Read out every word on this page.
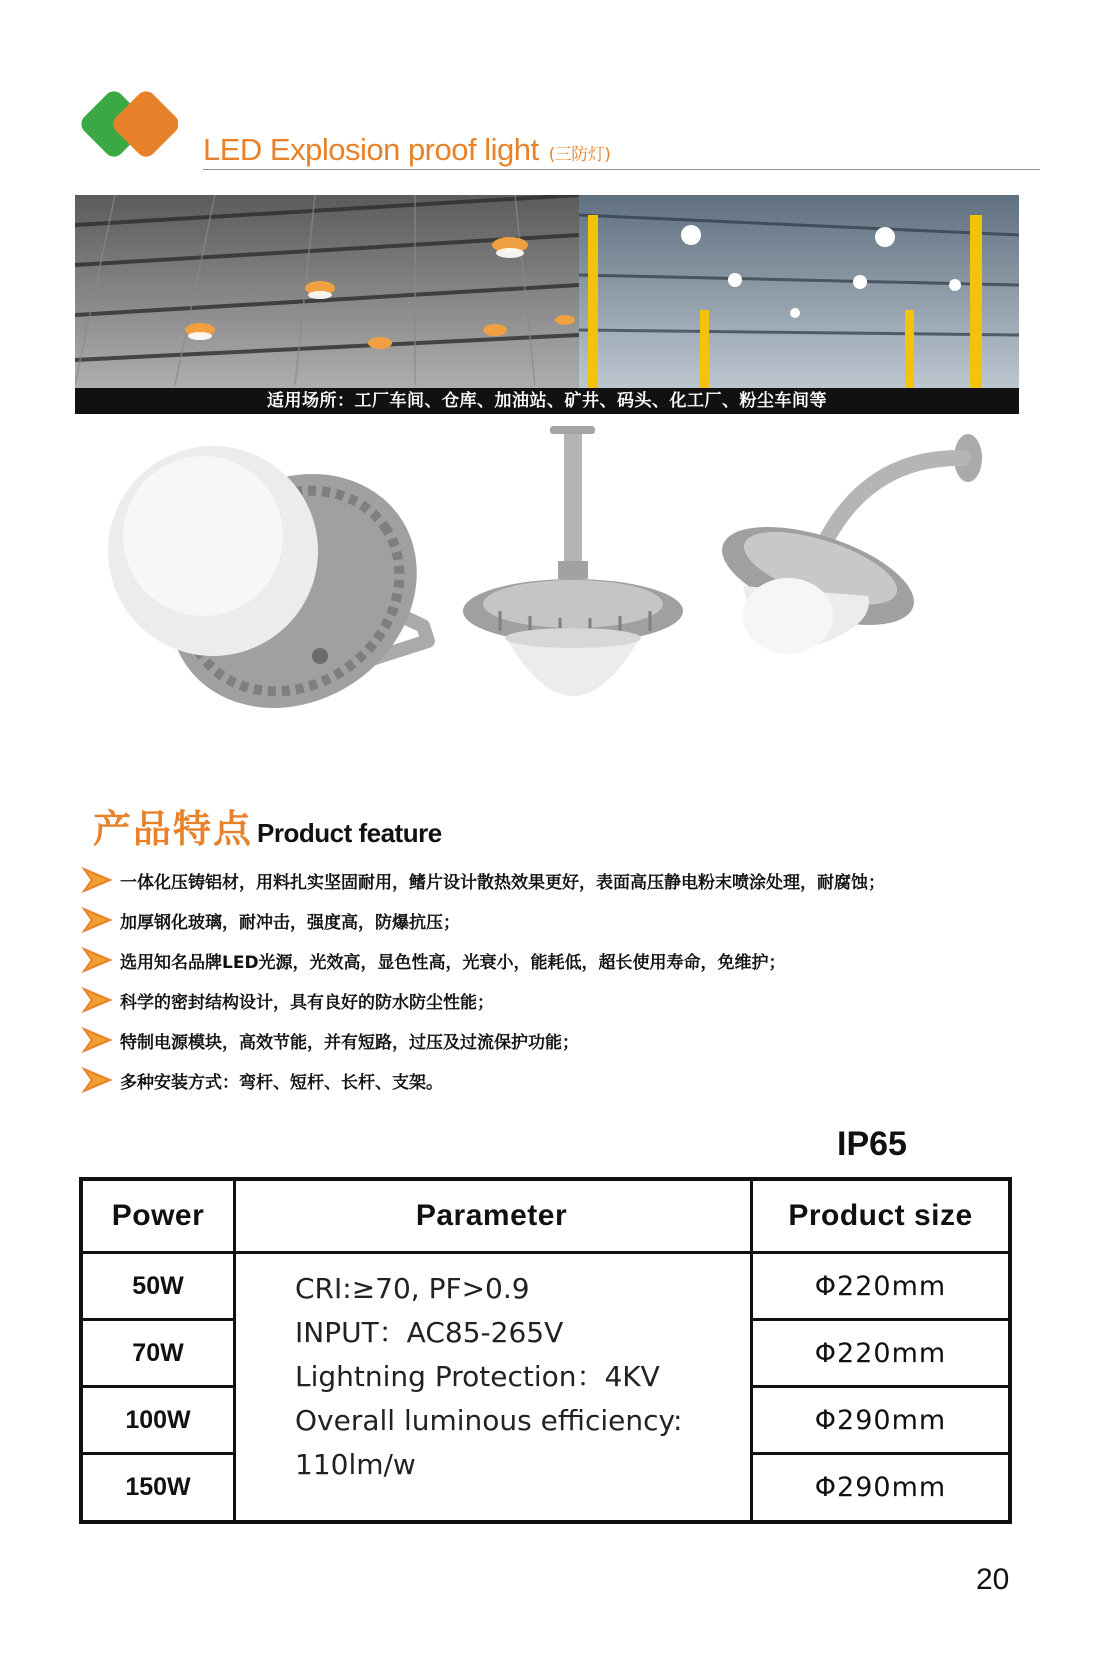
LED Explosion proof light (三防灯)
适用场所：工厂车间、仓库、加油站、矿井、码头、化工厂、粉尘车间等
产品特点 Product feature
一体化压铸铝材，用料扎实坚固耐用，鳍片设计散热效果更好，表面高压静电粉末喷涂处理，耐腐蚀；
加厚钢化玻璃，耐冲击，强度高，防爆抗压；
选用知名品牌LED光源，光效高，显色性高，光衰小，能耗低，超长使用寿命，免维护；
科学的密封结构设计，具有良好的防水防尘性能；
特制电源模块，高效节能，并有短路，过压及过流保护功能；
多种安装方式：弯杆、短杆、长杆、支架。
IP65
Power
50W
70W
100W
150W
Parameter
CRI:≥70, PF>0.9
INPUT：AC85-265V
Lightning Protection：4KV
Overall luminous efficiency:
110lm/w
Product size
Φ220mm
Φ220mm
Φ290mm
Φ290mm
20
